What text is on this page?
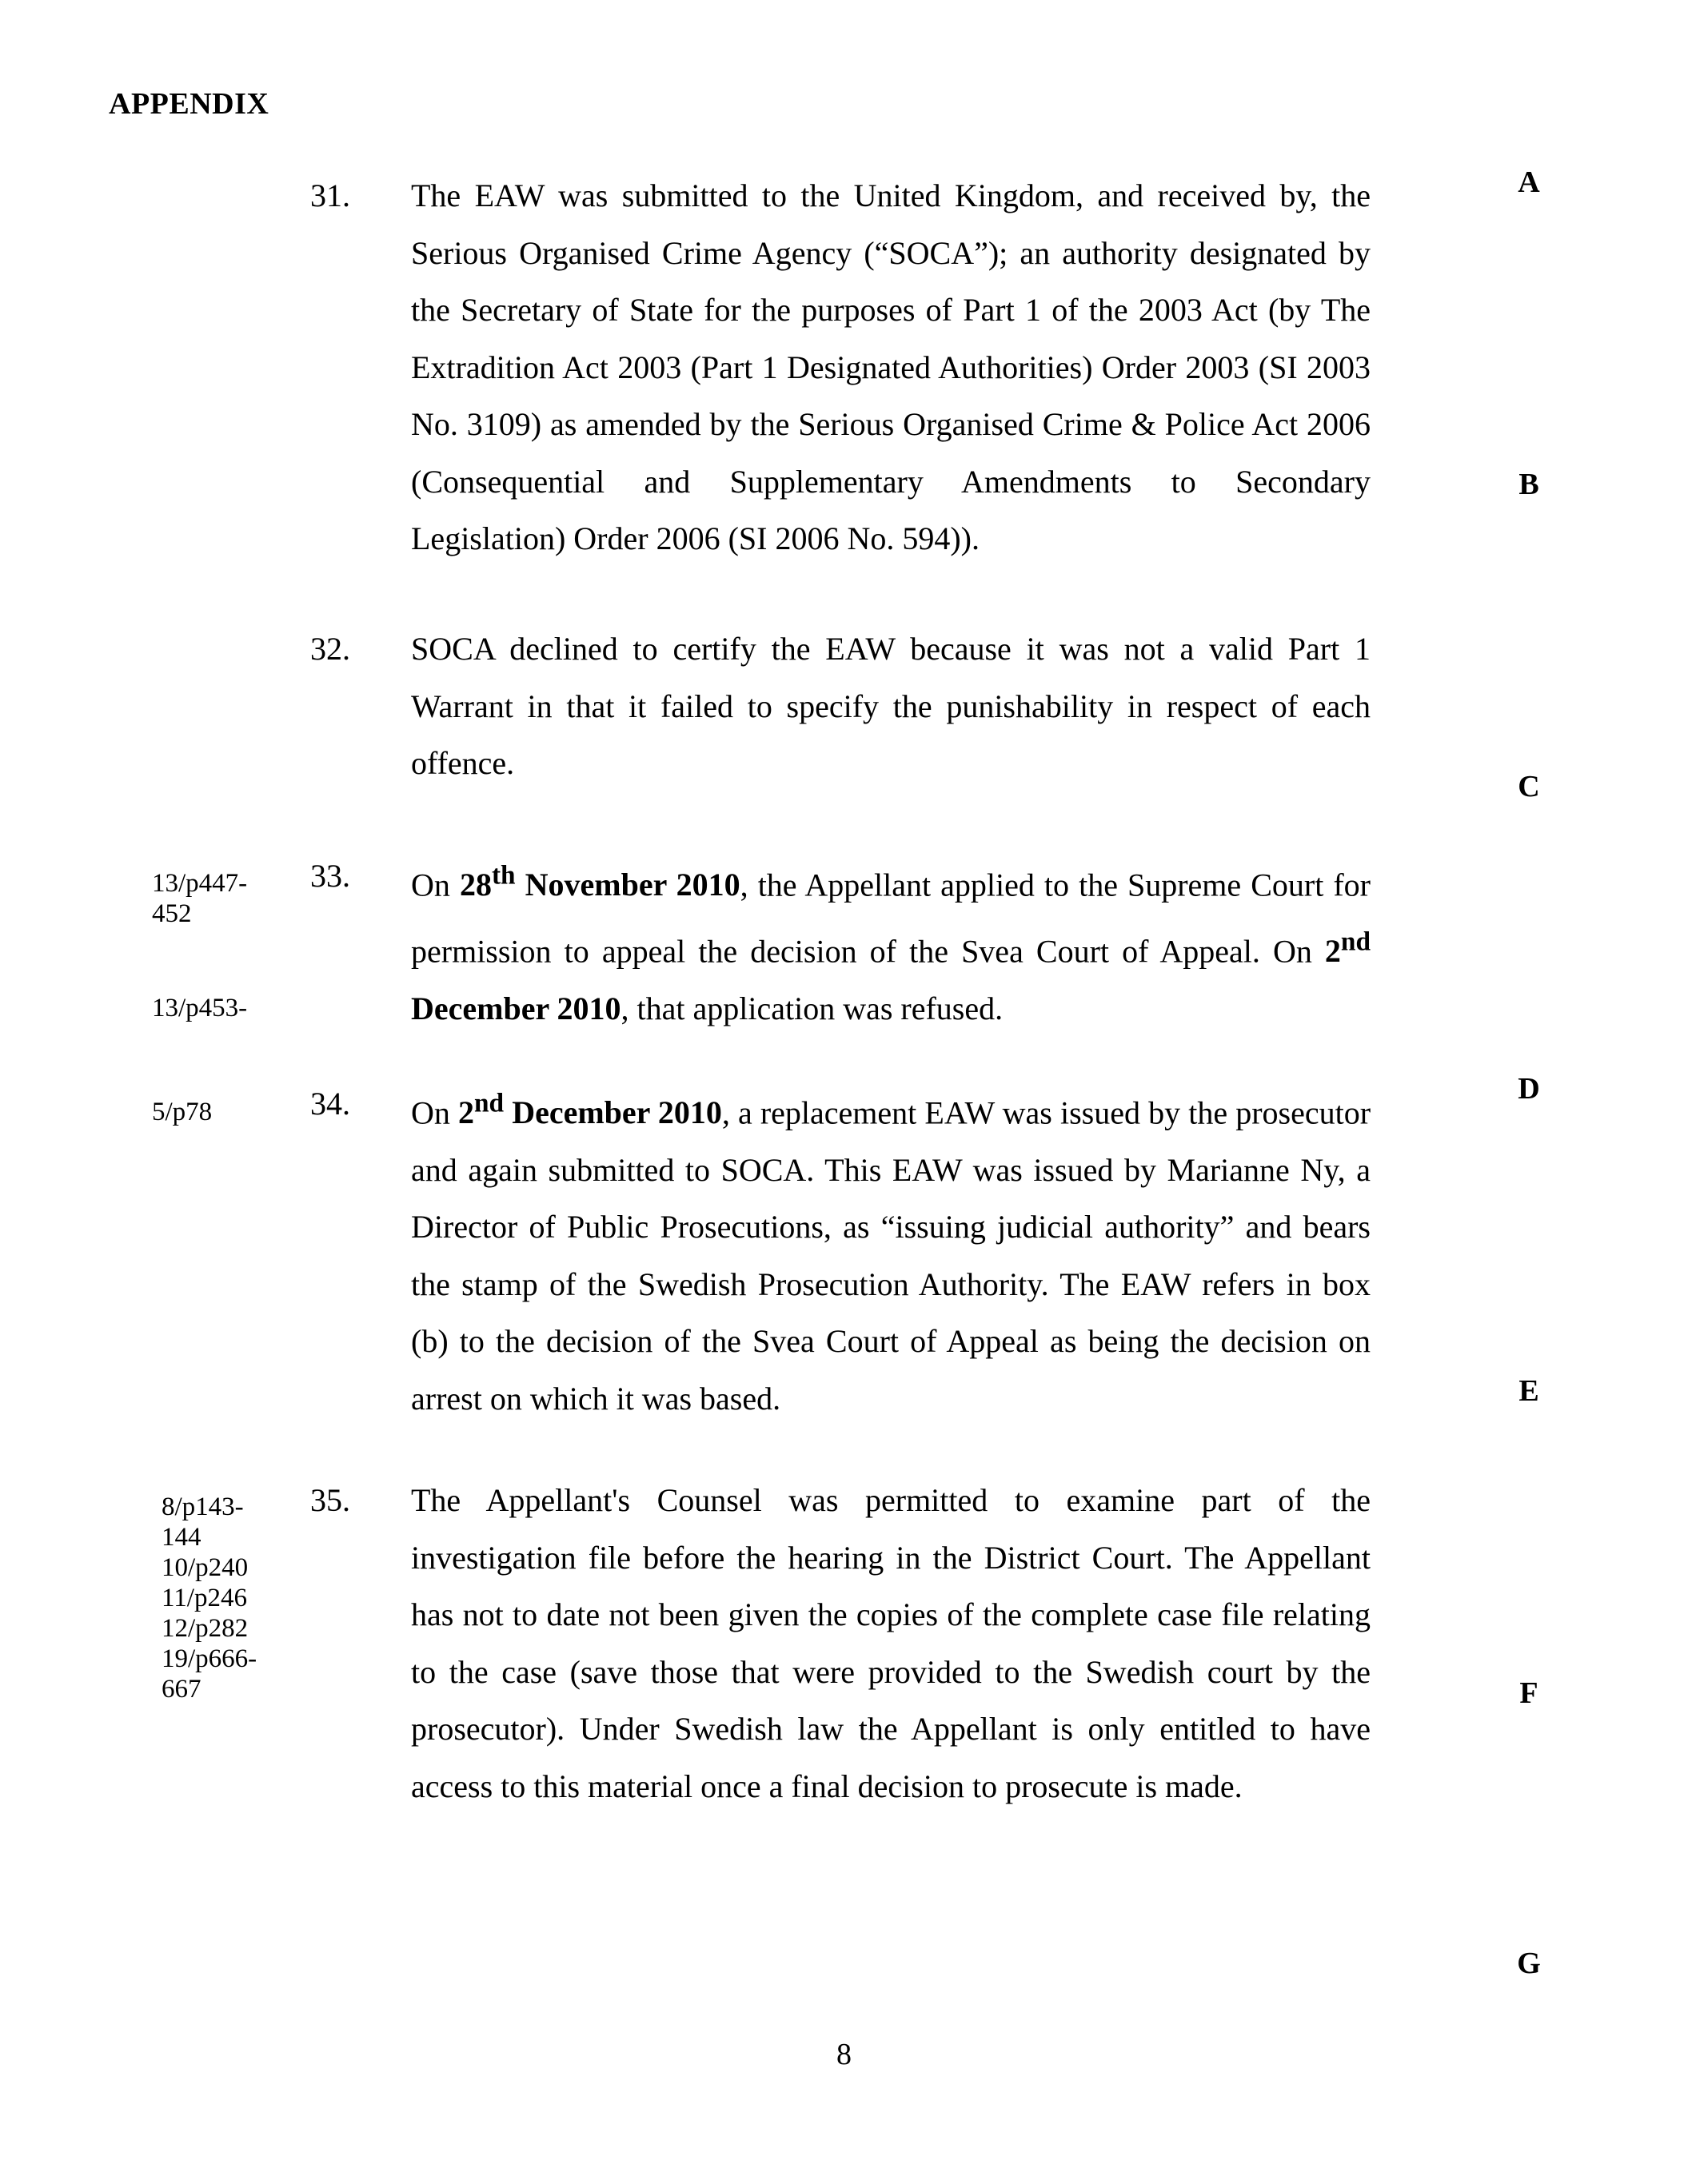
APPENDIX
A
B
C
D
E
F
G
31. The EAW was submitted to the United Kingdom, and received by, the Serious Organised Crime Agency (“SOCA”); an authority designated by the Secretary of State for the purposes of Part 1 of the 2003 Act (by The Extradition Act 2003 (Part 1 Designated Authorities) Order 2003 (SI 2003 No. 3109) as amended by the Serious Organised Crime & Police Act 2006 (Consequential and Supplementary Amendments to Secondary Legislation) Order 2006 (SI 2006 No. 594)).
32. SOCA declined to certify the EAW because it was not a valid Part 1 Warrant in that it failed to specify the punishability in respect of each offence.
13/p447-
452
13/p453-
33. On 28th November 2010, the Appellant applied to the Supreme Court for permission to appeal the decision of the Svea Court of Appeal. On 2nd December 2010, that application was refused.
5/p78	34. On 2nd December 2010, a replacement EAW was issued by the prosecutor and again submitted to SOCA. This EAW was issued by Marianne Ny, a Director of Public Prosecutions, as “issuing judicial authority” and bears the stamp of the Swedish Prosecution Authority. The EAW refers in box (b) to the decision of the Svea Court of Appeal as being the decision on arrest on which it was based.
8/p143-
144
10/p240
11/p246
12/p282
19/p666-
667
35. The Appellant's Counsel was permitted to examine part of the investigation file before the hearing in the District Court. The Appellant has not to date not been given the copies of the complete case file relating to the case (save those that were provided to the Swedish court by the prosecutor). Under Swedish law the Appellant is only entitled to have access to this material once a final decision to prosecute is made.
8
